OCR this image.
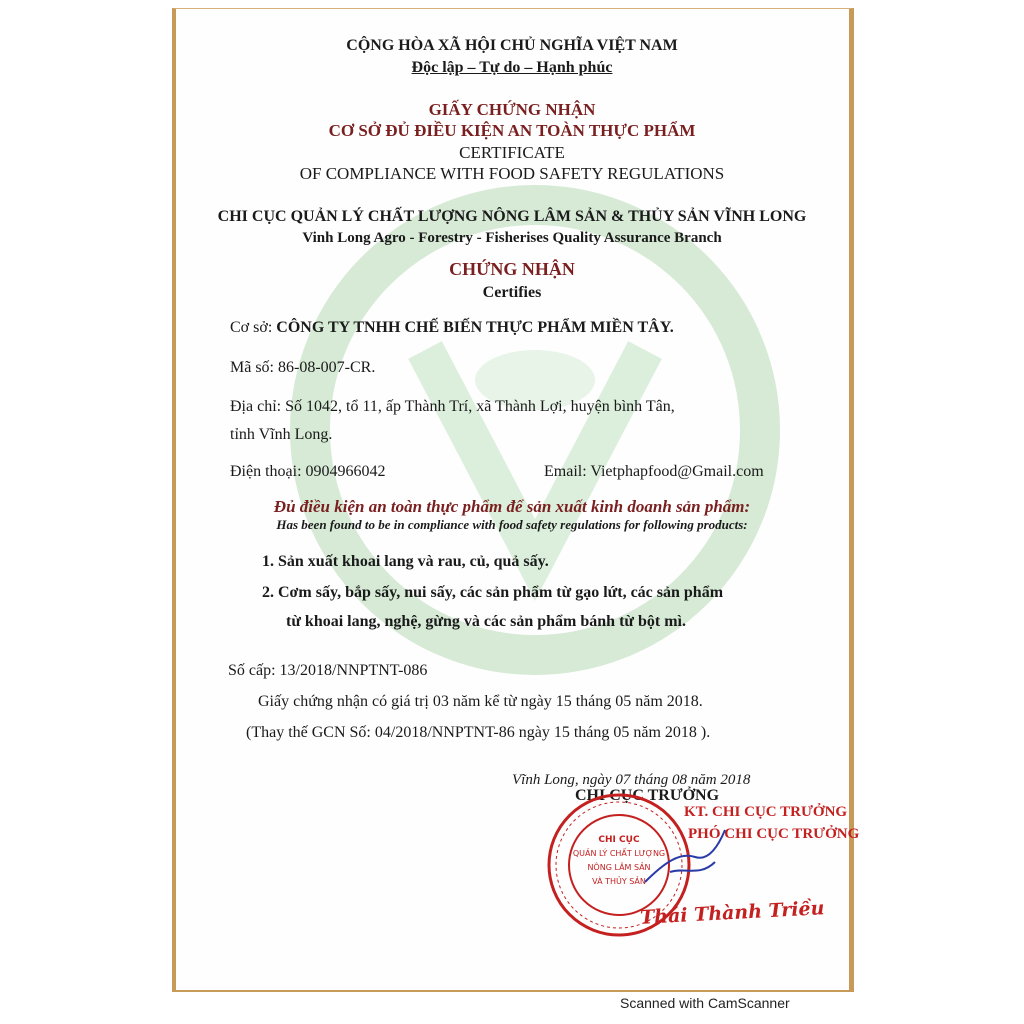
CỘNG HÒA XÃ HỘI CHỦ NGHĨA VIỆT NAM
Độc lập – Tự do – Hạnh phúc
GIẤY CHỨNG NHẬN
CƠ SỞ ĐỦ ĐIỀU KIỆN AN TOÀN THỰC PHẨM
CERTIFICATE
OF COMPLIANCE WITH FOOD SAFETY REGULATIONS
CHI CỤC QUẢN LÝ CHẤT LƯỢNG NÔNG LÂM SẢN & THỦY SẢN VĨNH LONG
Vinh Long Agro - Forestry - Fisherises Quality Assurance Branch
CHỨNG NHẬN
Certifies
Cơ sở: CÔNG TY TNHH CHẾ BIẾN THỰC PHẨM MIỀN TÂY.
Mã số: 86-08-007-CR.
Địa chỉ: Số 1042, tổ 11, ấp Thành Trí, xã Thành Lợi, huyện bình Tân,
tỉnh Vĩnh Long.
Điện thoại: 0904966042	Email: Vietphapfood@Gmail.com
Đủ điều kiện an toàn thực phẩm để sản xuất kinh doanh sản phẩm:
Has been found to be in compliance with food safety regulations for following products:
1. Sản xuất khoai lang và rau, củ, quả sấy.
2. Cơm sấy, bắp sấy, nui sấy, các sản phẩm từ gạo lứt, các sản phẩm
từ khoai lang, nghệ, gừng và các sản phẩm bánh từ bột mì.
Số cấp: 13/2018/NNPTNT-086
Giấy chứng nhận có giá trị 03 năm kể từ ngày 15 tháng 05 năm 2018.
(Thay thế GCN Số: 04/2018/NNPTNT-86 ngày 15 tháng 05 năm 2018 ).
Vĩnh Long, ngày 07 tháng 08 năm 2018
CHI CỤC TRƯỞNG
KT. CHI CỤC TRƯỞNG
PHÓ CHI CỤC TRƯỞNG
CHI CỤC
QUẢN LÝ CHẤT LƯỢNG
NÔNG LÂM SẢN
VÀ THỦY SẢN
Thái Thành Triều
Scanned with CamScanner
